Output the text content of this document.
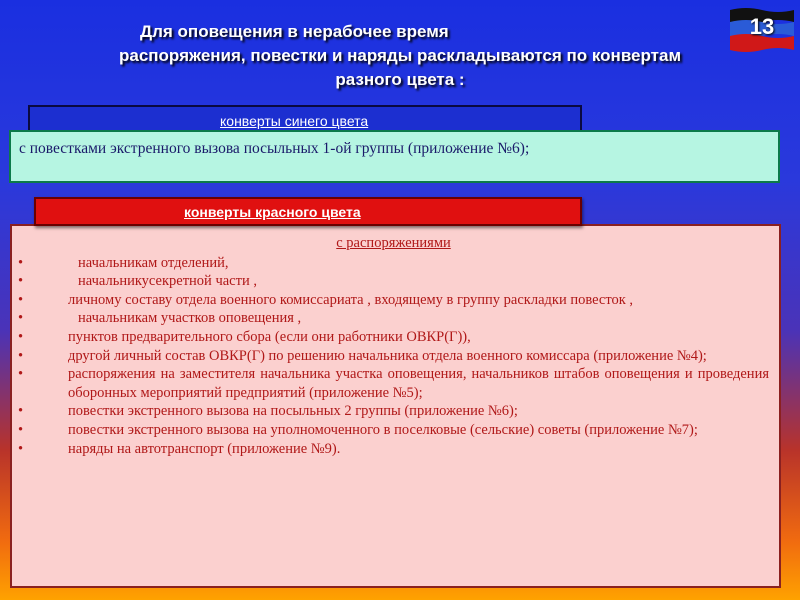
13
Для оповещения в нерабочее время
распоряжения, повестки и наряды раскладываются по конвертам
разного цвета :
конверты синего цвета
с повестками экстренного вызова посыльных 1-ой группы (приложение №6);
с распоряжениями
•	начальникам отделений,
•	начальникусекретной части ,
•	личному составу отдела военного комиссариата , входящему в группу раскладки повесток ,
•	начальникам участков оповещения ,
•	пунктов предварительного сбора (если они работники ОВКР(Г)),
•	другой личный состав ОВКР(Г) по решению начальника отдела военного комиссара (приложение №4);
•	распоряжения на заместителя начальника участка оповещения, начальников штабов оповещения и проведения оборонных мероприятий предприятий (приложение №5);
•	повестки экстренного вызова на посыльных 2 группы (приложение №6);
•	повестки экстренного вызова на уполномоченного в поселковые (сельские) советы (приложение №7);
•	наряды на автотранспорт (приложение №9).
конверты красного цвета
